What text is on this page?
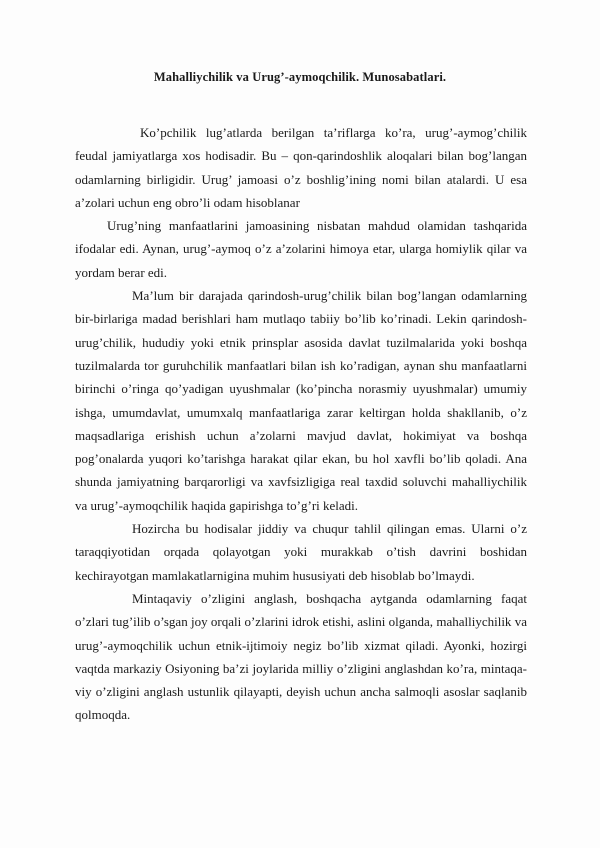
Mahalliychilik va Urug’-aymoqchilik. Munosabatlari.

Ko’pchilik lug’atlarda berilgan ta’riflarga ko’ra, urug’-aymog’chilik feudal jamiyatlarga xos hodisadir. Bu – qon-qarindoshlik aloqalari bilan bog’langan odamlarning birligidir. Urug’ jamoasi o’z boshlig’ining nomi bilan atalardi. U esa a’zolari uchun eng obro’li odam hisoblanar

Urug’ning manfaatlarini jamoasining nisbatan mahdud olamidan tashqarida ifodalar edi. Aynan, urug’-aymoq o’z a’zolarini himoya etar, ularga homiylik qilar va yordam berar edi.

Ma’lum bir darajada qarindosh-urug’chilik bilan bog’langan odamlarning bir-birlariga madad berishlari ham mutlaqo tabiiy bo’lib ko’rinadi. Lekin qarindosh-urug’chilik, hududiy yoki etnik prinsplar asosida davlat tuzilmalarida yoki boshqa tuzilmalarda tor guruhchilik manfaatlari bilan ish ko’radigan, aynan shu manfaatlarni birinchi o’ringa qo’yadigan uyushmalar (ko’pincha norasmiy uyushmalar) umumiy ishga, umumdavlat, umumxalq manfaatlariga zarar keltirgan holda shakllanib, o’z maqsadlariga erishish uchun a’zolarni mavjud davlat, hokimiyat va boshqa pog’onalarda yuqori ko’tarishga harakat qilar ekan, bu hol xavfli bo’lib qoladi. Ana shunda jamiyatning barqarorligi va xavfsizligiga real taxdid soluvchi mahalliychilik va urug’-aymoqchilik haqida gapirishga to’g’ri keladi.

Hozircha bu hodisalar jiddiy va chuqur tahlil qilingan emas. Ularni o’z taraqqiyotidan orqada qolayotgan yoki murakkab o’tish davrini boshidan kechirayotgan mamlakatlarnigina muhim hususiyati deb hisoblab bo’lmaydi.

Mintaqaviy o’zligini anglash, boshqacha aytganda odamlarning faqat o’zlari tug’ilib o’sgan joy orqali o’zlarini idrok etishi, aslini olganda, mahalliychilik va urug’-aymoqchilik uchun etnik-ijtimoiy negiz bo’lib xizmat qiladi. Ayonki, hozirgi vaqtda markaziy Osiyoning ba’zi joylarida milliy o’zligini anglashdan ko’ra, mintaqa-viy o’zligini anglash ustunlik qilayapti, deyish uchun ancha salmoqli asoslar saqlanib qolmoqda.
